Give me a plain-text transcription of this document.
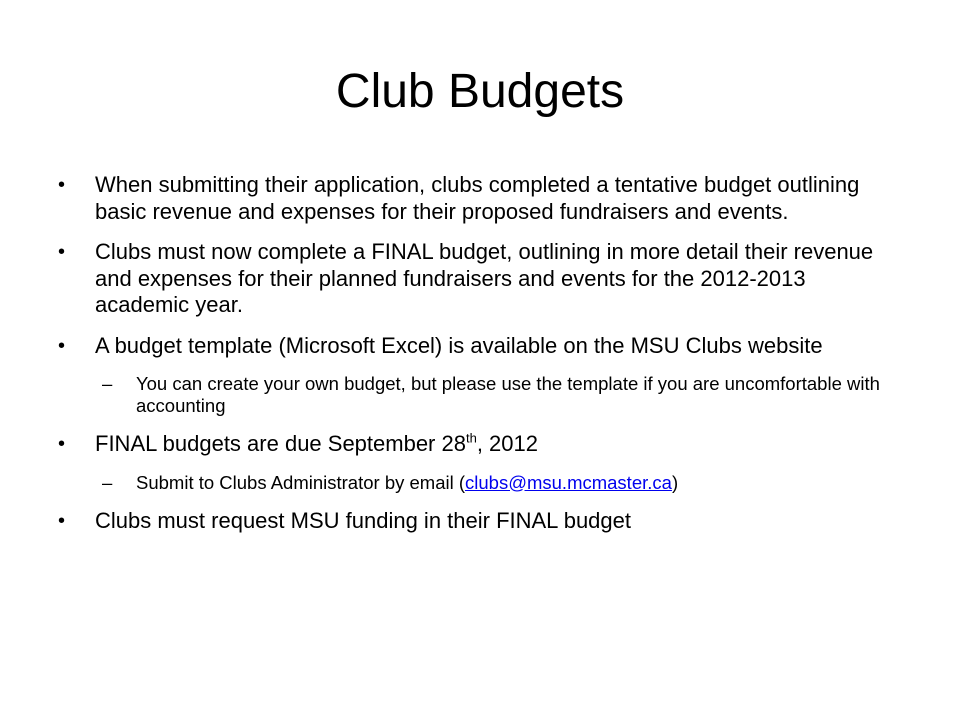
Club Budgets
• When submitting their application, clubs completed a tentative budget outlining basic revenue and expenses for their proposed fundraisers and events.
• Clubs must now complete a FINAL budget, outlining in more detail their revenue and expenses for their planned fundraisers and events for the 2012-2013 academic year.
• A budget template (Microsoft Excel) is available on the MSU Clubs website
– You can create your own budget, but please use the template if you are uncomfortable with accounting
• FINAL budgets are due September 28th, 2012
– Submit to Clubs Administrator by email (clubs@msu.mcmaster.ca)
• Clubs must request MSU funding in their FINAL budget
